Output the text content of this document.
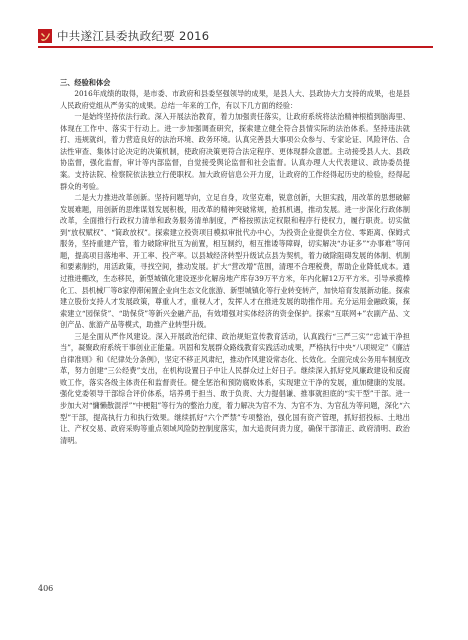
中共遂江县委执政纪要 2016

三、经验和体会

2016年成绩的取得，是市委、市政府和县委坚强领导的成果，是县人大、县政协大力支持的成果，也是县人民政府党组从严务实的成果。总结一年来的工作，有以下几方面的经验：

一是始终坚持依法行政。深入开展法治教育，着力加强责任落实，让政府系统将法治精神根植到脑海里、体现在工作中、落实于行动上。进一步加强调查研究，探索建立健全符合县情实际的法治体系。坚持违法就打、违规就纠，着力营造良好的法治环境、政务环境。认真完善县大事项公众参与、专家论证、风险评估、合法性审查、集体讨论决定的决策机制，使政府决策更符合法定程序、更体现群众意愿。主动接受县人大、县政协监督，强化监督，审计等内部监督，自觉接受舆论监督和社会监督。认真办理人大代表建议、政协委员提案。支持法院、检察院依法独立行使职权。加大政府信息公开力度，让政府的工作经得起历史的检验，经得起群众的考验。

二是大力推进改革创新。坚持问题导向，立足自身，攻坚克难，锐意创新，大胆实践，用改革的思想破解发展难题，用创新的思维谋划发展积极，用改革的精神突破常规，抢抓机遇，推动发展。进一步深化行政体制改革，全面推行行政权力清单和政务服务清单制度，严格按照法定权限和程序行使权力，履行职责。切实做到“放权赋权”、“简政放权”。探索建立投资项目模拟审批代办中心，为投资企业提供全方位、零距离、保姆式服务，坚持重建产管，着力破除审批互为前置，相互制约，相互推诿等障碍，切实解决“办证多”“办事难”等问题，提高项目落地率、开工率、投产率。以县城经济转型升级试点县为契机，着力破除阻碍发展的体制、机制和要素制约，用活政策，寻找空间，推动发展。扩大“营改增”范围，清理不合理税费，帮助企业降低成本。通过推进棚改，生态移民，新型城镇化建设逐步化解房地产库存39万平方米，年内化解12万平方米。引导承揽棒化工、县机械厂等8家停滞闲置企业向生态文化旅游、新型城镇化等行业转变转产，加快培育发展新动能。探索建立股份支持人才发展政策，尊重人才，重视人才，发挥人才在推进发展的助推作用。充分运用金融政策，探索建立“园保贷”、“助保贷”等新兴金融产品，有效增强对实体经济的资金保护。探索“互联网+”农副产品、文创产品、旅游产品等模式，助推产业转型升级。

三是全面从严作风建设。深入开展政治纪律、政治规矩宣传教育活动，认真践行“三严三实”“忠诚干净担当”，凝聚政府系统干事创业正能量。巩固和发展群众路线教育实践活动成果，严格执行中央“八项规定”《廉洁自律准则》和《纪律处分条例》，坚定不移正风肃纪，推动作风建设常态化、长效化。全面完成公务用车制度改革，努力创建“三公经费”支出，在机构设置日子中让人民群众过上好日子。继续深入抓好党风廉政建设和反腐败工作，落实各级主体责任和监督责任。健全惩治和预防腐败体系，实现建立干净的发展，重加健康的发展。强化党委领导干部综合评价体系，培养勇于担当、敢于负责、大力提倡谦、推事就担底的“实干型”干部。进一步加大对“慵懒散混浮”“中梗阻”等行为的整治力度，着力解决为官不为、为官不为、为官乱为等问题，深化“六型”干部，提高执行力和执行效果。继续抓好“六个严禁”专项整治，强化国有资产管理，抓好招投标、土地出让、产权交易、政府采购等重点领域风险防控制度落实，加大追责问责力度，确保干部清正、政府清明、政治清明。

406
